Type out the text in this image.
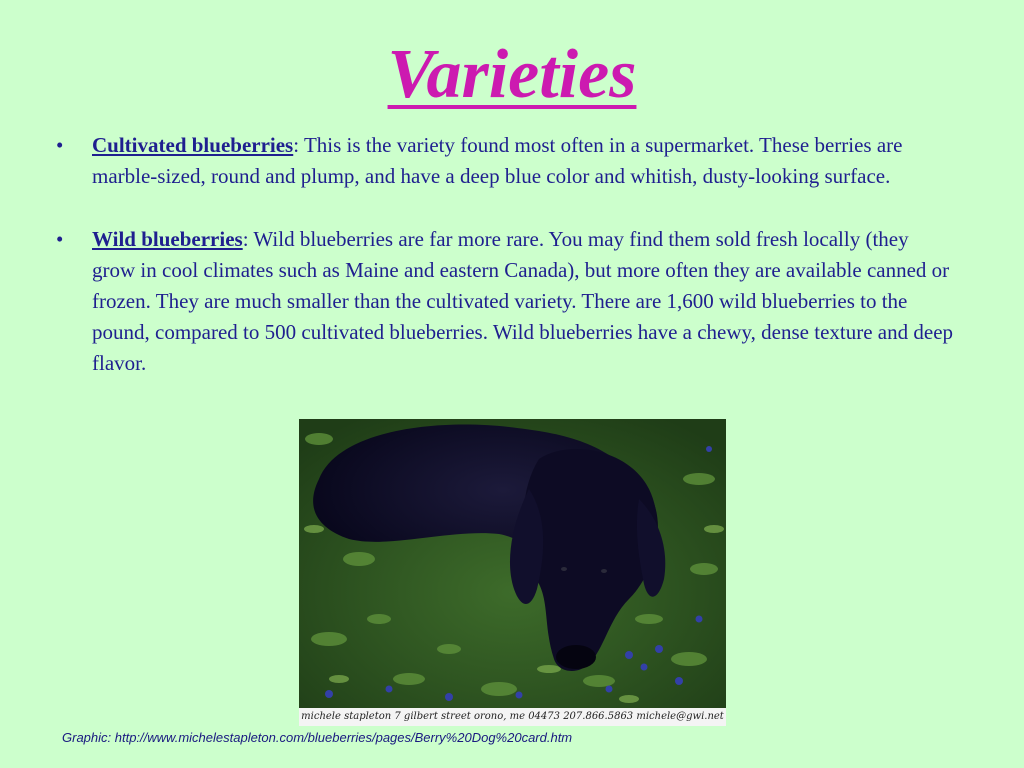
Varieties
• Cultivated blueberries: This is the variety found most often in a supermarket. These berries are marble-sized, round and plump, and have a deep blue color and whitish, dusty-looking surface.
• Wild blueberries: Wild blueberries are far more rare. You may find them sold fresh locally (they grow in cool climates such as Maine and eastern Canada), but more often they are available canned or frozen. They are much smaller than the cultivated variety. There are 1,600 wild blueberries to the pound, compared to 500 cultivated blueberries. Wild blueberries have a chewy, dense texture and deep flavor.
michele stapleton 7 gilbert street orono, me 04473 207.866.5863 michele@gwi.net
Graphic: http://www.michelestapleton.com/blueberries/pages/Berry%20Dog%20card.htm
